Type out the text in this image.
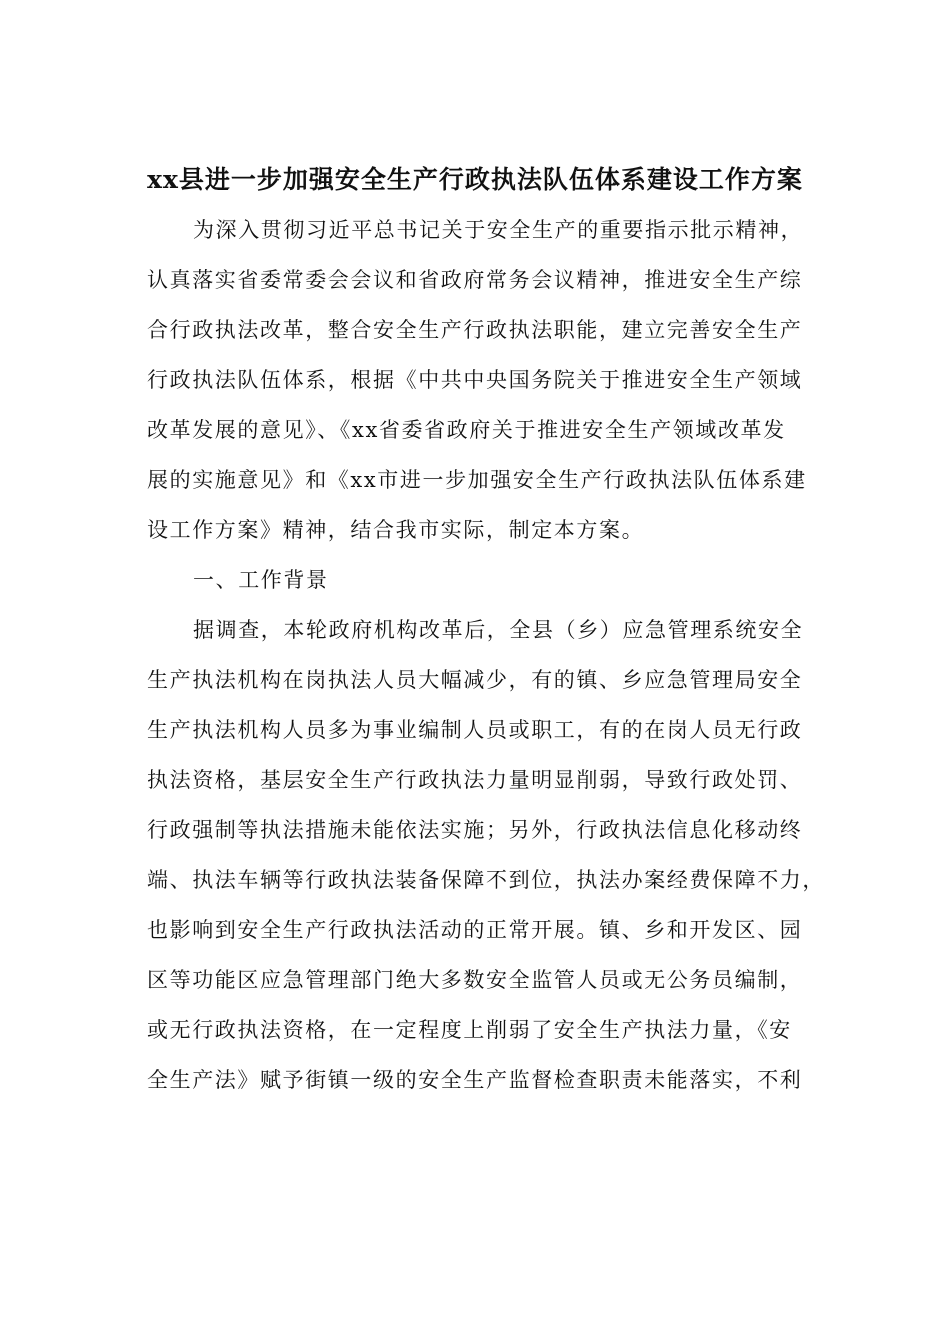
xx县进一步加强安全生产行政执法队伍体系建设工作方案
为深入贯彻习近平总书记关于安全生产的重要指示批示精神，
认真落实省委常委会会议和省政府常务会议精神，推进安全生产综
合行政执法改革，整合安全生产行政执法职能，建立完善安全生产
行政执法队伍体系，根据《中共中央国务院关于推进安全生产领域
改革发展的意见》、《xx省委省政府关于推进安全生产领域改革发
展的实施意见》和《xx市进一步加强安全生产行政执法队伍体系建
设工作方案》精神，结合我市实际，制定本方案。
一、工作背景
据调查，本轮政府机构改革后，全县（乡）应急管理系统安全
生产执法机构在岗执法人员大幅减少，有的镇、乡应急管理局安全
生产执法机构人员多为事业编制人员或职工，有的在岗人员无行政
执法资格，基层安全生产行政执法力量明显削弱，导致行政处罚、
行政强制等执法措施未能依法实施；另外，行政执法信息化移动终
端、执法车辆等行政执法装备保障不到位，执法办案经费保障不力，
也影响到安全生产行政执法活动的正常开展。镇、乡和开发区、园
区等功能区应急管理部门绝大多数安全监管人员或无公务员编制，
或无行政执法资格，在一定程度上削弱了安全生产执法力量，《安
全生产法》赋予街镇一级的安全生产监督检查职责未能落实，不利
